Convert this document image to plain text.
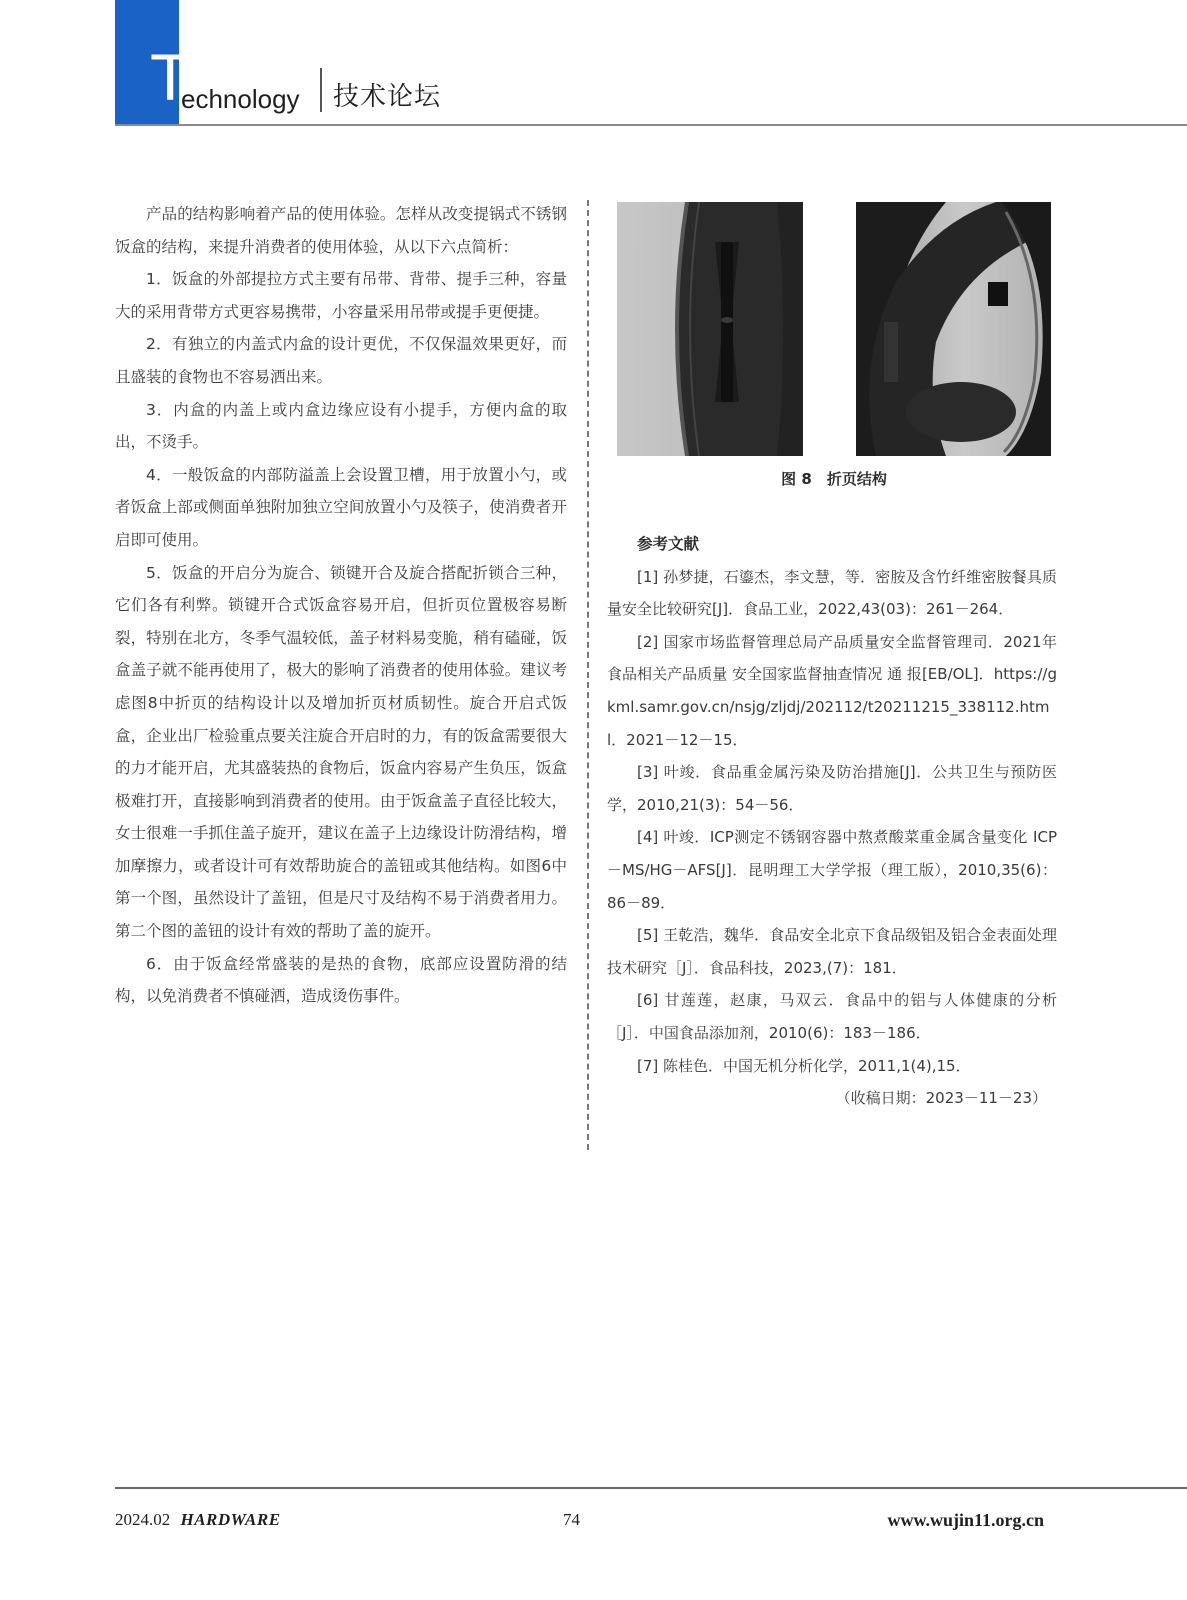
T
echnology 技术论坛

产品的结构影响着产品的使用体验。怎样从改变提锅式不锈钢饭盒的结构，来提升消费者的使用体验，从以下六点简析：

1．饭盒的外部提拉方式主要有吊带、背带、提手三种，容量大的采用背带方式更容易携带，小容量采用吊带或提手更便捷。

2．有独立的内盖式内盒的设计更优，不仅保温效果更好，而且盛装的食物也不容易洒出来。

3．内盒的内盖上或内盒边缘应设有小提手，方便内盒的取出，不烫手。

4．一般饭盒的内部防溢盖上会设置卫槽，用于放置小勺，或者饭盒上部或侧面单独附加独立空间放置小勺及筷子，使消费者开启即可使用。

5．饭盒的开启分为旋合、锁键开合及旋合搭配折锁合三种，它们各有利弊。锁键开合式饭盒容易开启，但折页位置极容易断裂，特别在北方，冬季气温较低，盖子材料易变脆，稍有磕碰，饭盒盖子就不能再使用了，极大的影响了消费者的使用体验。建议考虑图8中折页的结构设计以及增加折页材质韧性。旋合开启式饭盒，企业出厂检验重点要关注旋合开启时的力，有的饭盒需要很大的力才能开启，尤其盛装热的食物后，饭盒内容易产生负压，饭盒极难打开，直接影响到消费者的使用。由于饭盒盖子直径比较大，女士很难一手抓住盖子旋开，建议在盖子上边缘设计防滑结构，增加摩擦力，或者设计可有效帮助旋合的盖钮或其他结构。如图6中第一个图，虽然设计了盖钮，但是尺寸及结构不易于消费者用力。第二个图的盖钮的设计有效的帮助了盖的旋开。

6．由于饭盒经常盛装的是热的食物，底部应设置防滑的结构，以免消费者不慎碰洒，造成烫伤事件。

图 8　折页结构
参考文献

[1] 孙梦捷，石鎏杰，李文慧，等．密胺及含竹纤维密胺餐具质量安全比较研究[J]．食品工业，2022,43(03)：261－264．

[2] 国家市场监督管理总局产品质量安全监督管理司．2021年食品相关产品质量 安全国家监督抽查情况 通 报[EB/OL]．https://gkml.samr.gov.cn/nsjg/zljdj/202112/t20211215_338112.html．2021－12－15．

[3] 叶竣．食品重金属污染及防治措施[J]．公共卫生与预防医学，2010,21(3)：54－56．

[4] 叶竣．ICP测定不锈钢容器中熬煮酸菜重金属含量变化 ICP－MS/HG－AFS[J]．昆明理工大学学报（理工版），2010,35(6)：86－89．

[5] 王乾浩，魏华．食品安全北京下食品级铝及铝合金表面处理技术研究［J］．食品科技，2023,(7)：181．

[6] 甘莲莲，赵康，马双云．食品中的铝与人体健康的分析［J］．中国食品添加剂，2010(6)：183－186．

[7] 陈桂色．中国无机分析化学，2011,1(4),15．

（收稿日期：2023－11－23）
2024.02 HARDWARE	74	www.wujin11.org.cn
